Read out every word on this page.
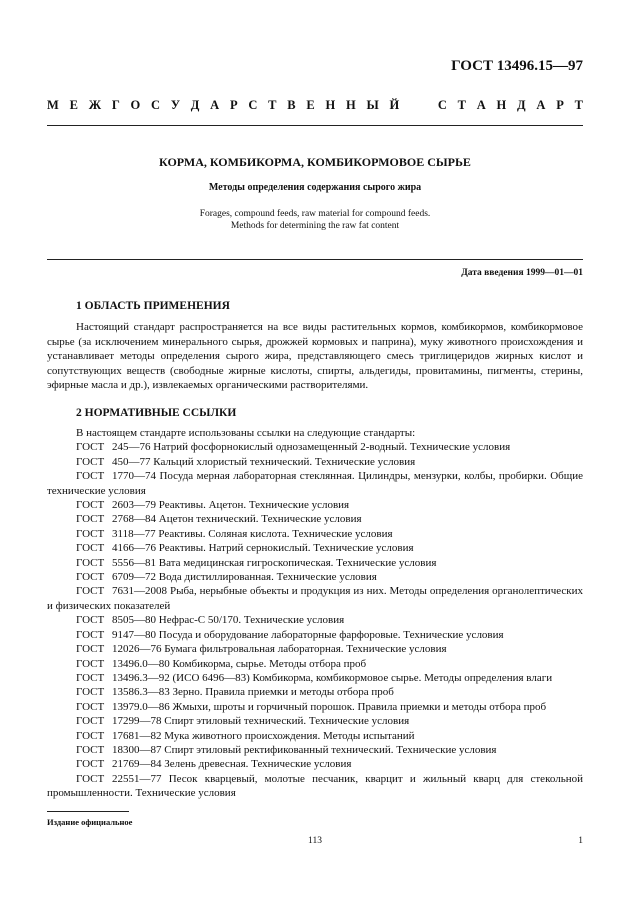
ГОСТ 13496.15—97
М Е Ж Г О С У Д А Р С Т В Е Н Н Ы Й

	С Т А Н Д А Р Т
КОРМА, КОМБИКОРМА, КОМБИКОРМОВОЕ СЫРЬЕ
Методы определения содержания сырого жира
Forages, compound feeds, raw material for compound feeds.
Methods for determining the raw fat content
Дата введения 1999—01—01
1 ОБЛАСТЬ ПРИМЕНЕНИЯ
Настоящий стандарт распространяется на все виды растительных кормов, комбикормов, комбикормовое сырье (за исключением минерального сырья, дрожжей кормовых и паприна), муку животного происхождения и устанавливает методы определения сырого жира, представляющего смесь триглицеридов жирных кислот и сопутствующих веществ (свободные жирные кислоты, спирты, альдегиды, провитамины, пигменты, стерины, эфирные масла и др.), извлекаемых органическими растворителями.
2 НОРМАТИВНЫЕ ССЫЛКИ
В настоящем стандарте использованы ссылки на следующие стандарты:
ГОСТ 245—76 Натрий фосфорнокислый однозамещенный 2-водный. Технические условия
ГОСТ 450—77 Кальций хлористый технический. Технические условия
ГОСТ 1770—74 Посуда мерная лабораторная стеклянная. Цилиндры, мензурки, колбы, пробирки. Общие технические условия
ГОСТ 2603—79 Реактивы. Ацетон. Технические условия
ГОСТ 2768—84 Ацетон технический. Технические условия
ГОСТ 3118—77 Реактивы. Соляная кислота. Технические условия
ГОСТ 4166—76 Реактивы. Натрий сернокислый. Технические условия
ГОСТ 5556—81 Вата медицинская гигроскопическая. Технические условия
ГОСТ 6709—72 Вода дистиллированная. Технические условия
ГОСТ 7631—2008 Рыба, нерыбные объекты и продукция из них. Методы определения органолептических и физических показателей
ГОСТ 8505—80 Нефрас-С 50/170. Технические условия
ГОСТ 9147—80 Посуда и оборудование лабораторные фарфоровые. Технические условия
ГОСТ 12026—76 Бумага фильтровальная лабораторная. Технические условия
ГОСТ 13496.0—80 Комбикорма, сырье. Методы отбора проб
ГОСТ 13496.3—92 (ИСО 6496—83) Комбикорма, комбикормовое сырье. Методы определения влаги
ГОСТ 13586.3—83 Зерно. Правила приемки и методы отбора проб
ГОСТ 13979.0—86 Жмыхи, шроты и горчичный порошок. Правила приемки и методы отбора проб
ГОСТ 17299—78 Спирт этиловый технический. Технические условия
ГОСТ 17681—82 Мука животного происхождения. Методы испытаний
ГОСТ 18300—87 Спирт этиловый ректификованный технический. Технические условия
ГОСТ 21769—84 Зелень древесная. Технические условия
ГОСТ 22551—77 Песок кварцевый, молотые песчаник, кварцит и жильный кварц для стекольной промышленности. Технические условия
Издание официальное
113	1
